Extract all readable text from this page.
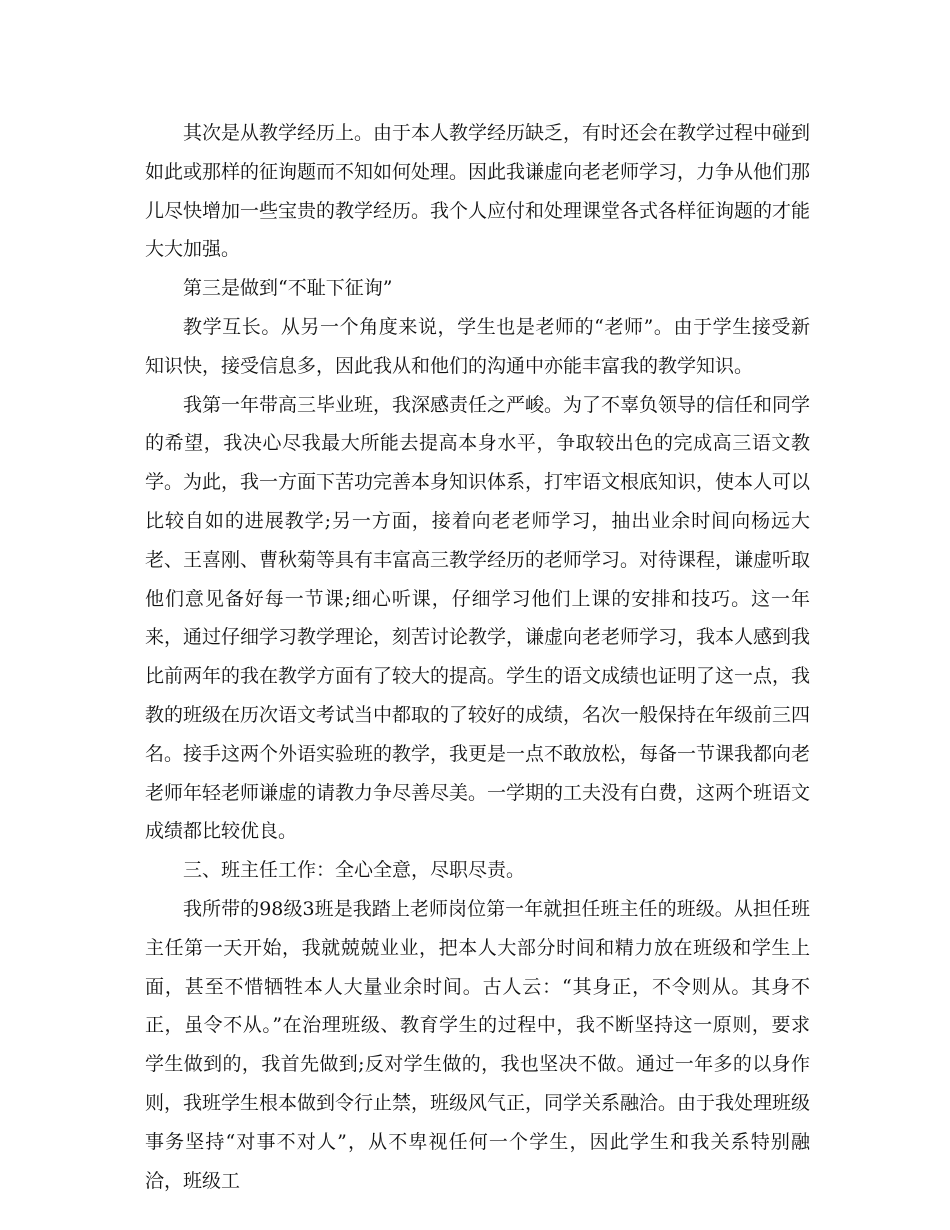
其次是从教学经历上。由于本人教学经历缺乏，有时还会在教学过程中碰到如此或那样的征询题而不知如何处理。因此我谦虚向老老师学习，力争从他们那儿尽快增加一些宝贵的教学经历。我个人应付和处理课堂各式各样征询题的才能大大加强。

第三是做到“不耻下征询”

教学互长。从另一个角度来说，学生也是老师的“老师”。由于学生接受新知识快，接受信息多，因此我从和他们的沟通中亦能丰富我的教学知识。

我第一年带高三毕业班，我深感责任之严峻。为了不辜负领导的信任和同学的希望，我决心尽我最大所能去提高本身水平，争取较出色的完成高三语文教学。为此，我一方面下苦功完善本身知识体系，打牢语文根底知识，使本人可以比较自如的进展教学;另一方面，接着向老老师学习，抽出业余时间向杨远大老、王喜刚、曹秋菊等具有丰富高三教学经历的老师学习。对待课程，谦虚听取他们意见备好每一节课;细心听课，仔细学习他们上课的安排和技巧。这一年来，通过仔细学习教学理论，刻苦讨论教学，谦虚向老老师学习，我本人感到我比前两年的我在教学方面有了较大的提高。学生的语文成绩也证明了这一点，我教的班级在历次语文考试当中都取的了较好的成绩，名次一般保持在年级前三四名。接手这两个外语实验班的教学，我更是一点不敢放松，每备一节课我都向老老师年轻老师谦虚的请教力争尽善尽美。一学期的工夫没有白费，这两个班语文成绩都比较优良。

三、班主任工作：全心全意，尽职尽责。

我所带的98级3班是我踏上老师岗位第一年就担任班主任的班级。从担任班主任第一天开始，我就兢兢业业，把本人大部分时间和精力放在班级和学生上面，甚至不惜牺牲本人大量业余时间。古人云：“其身正，不令则从。其身不正，虽令不从。”在治理班级、教育学生的过程中，我不断坚持这一原则，要求学生做到的，我首先做到;反对学生做的，我也坚决不做。通过一年多的以身作则，我班学生根本做到令行止禁，班级风气正，同学关系融洽。由于我处理班级事务坚持“对事不对人”，从不卑视任何一个学生，因此学生和我关系特别融洽，班级工
